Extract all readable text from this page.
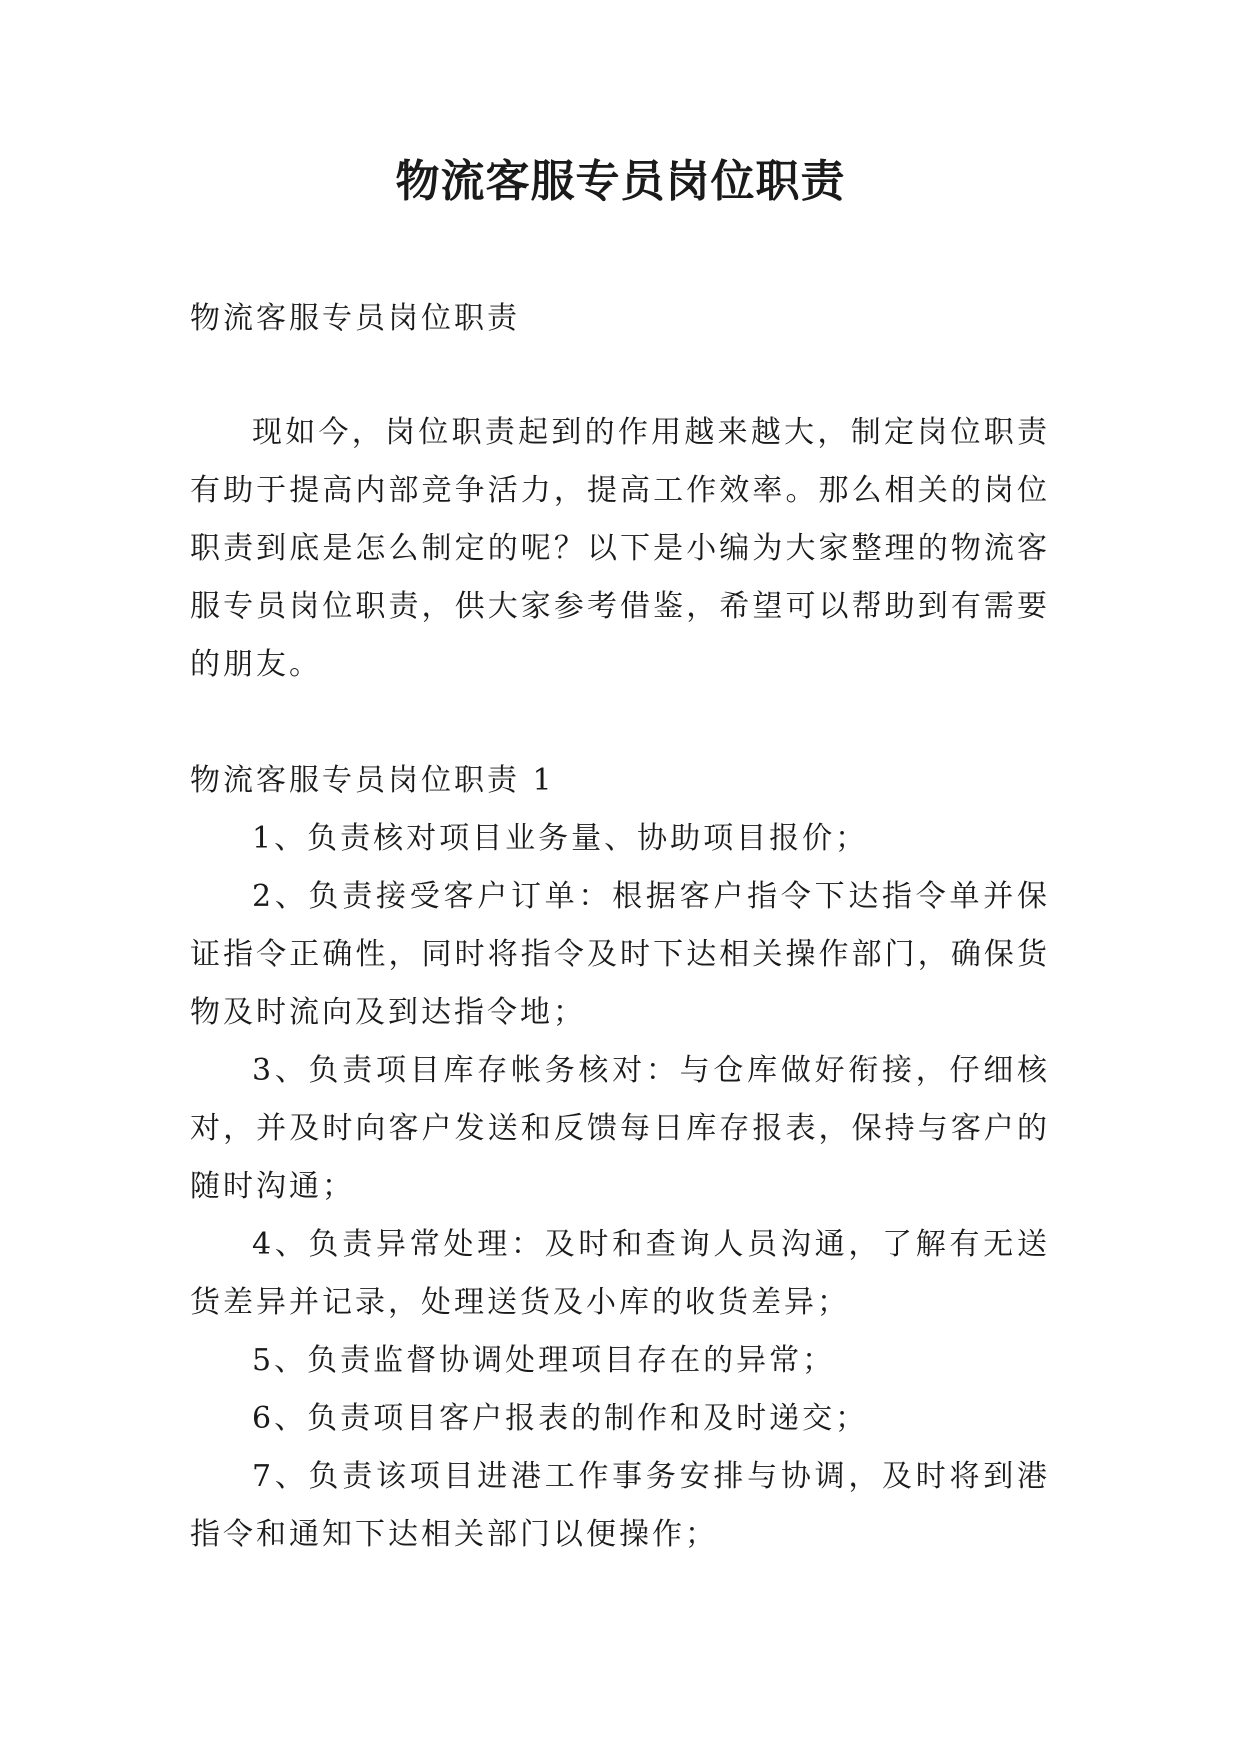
物流客服专员岗位职责

物流客服专员岗位职责

现如今，岗位职责起到的作用越来越大，制定岗位职责有助于提高内部竞争活力，提高工作效率。那么相关的岗位职责到底是怎么制定的呢？以下是小编为大家整理的物流客服专员岗位职责，供大家参考借鉴，希望可以帮助到有需要的朋友。

物流客服专员岗位职责 1

1、负责核对项目业务量、协助项目报价；

2、负责接受客户订单：根据客户指令下达指令单并保证指令正确性，同时将指令及时下达相关操作部门，确保货物及时流向及到达指令地；

3、负责项目库存帐务核对：与仓库做好衔接，仔细核对，并及时向客户发送和反馈每日库存报表，保持与客户的随时沟通；

4、负责异常处理：及时和查询人员沟通，了解有无送货差异并记录，处理送货及小库的收货差异；

5、负责监督协调处理项目存在的异常；

6、负责项目客户报表的制作和及时递交；

7、负责该项目进港工作事务安排与协调，及时将到港指令和通知下达相关部门以便操作；
